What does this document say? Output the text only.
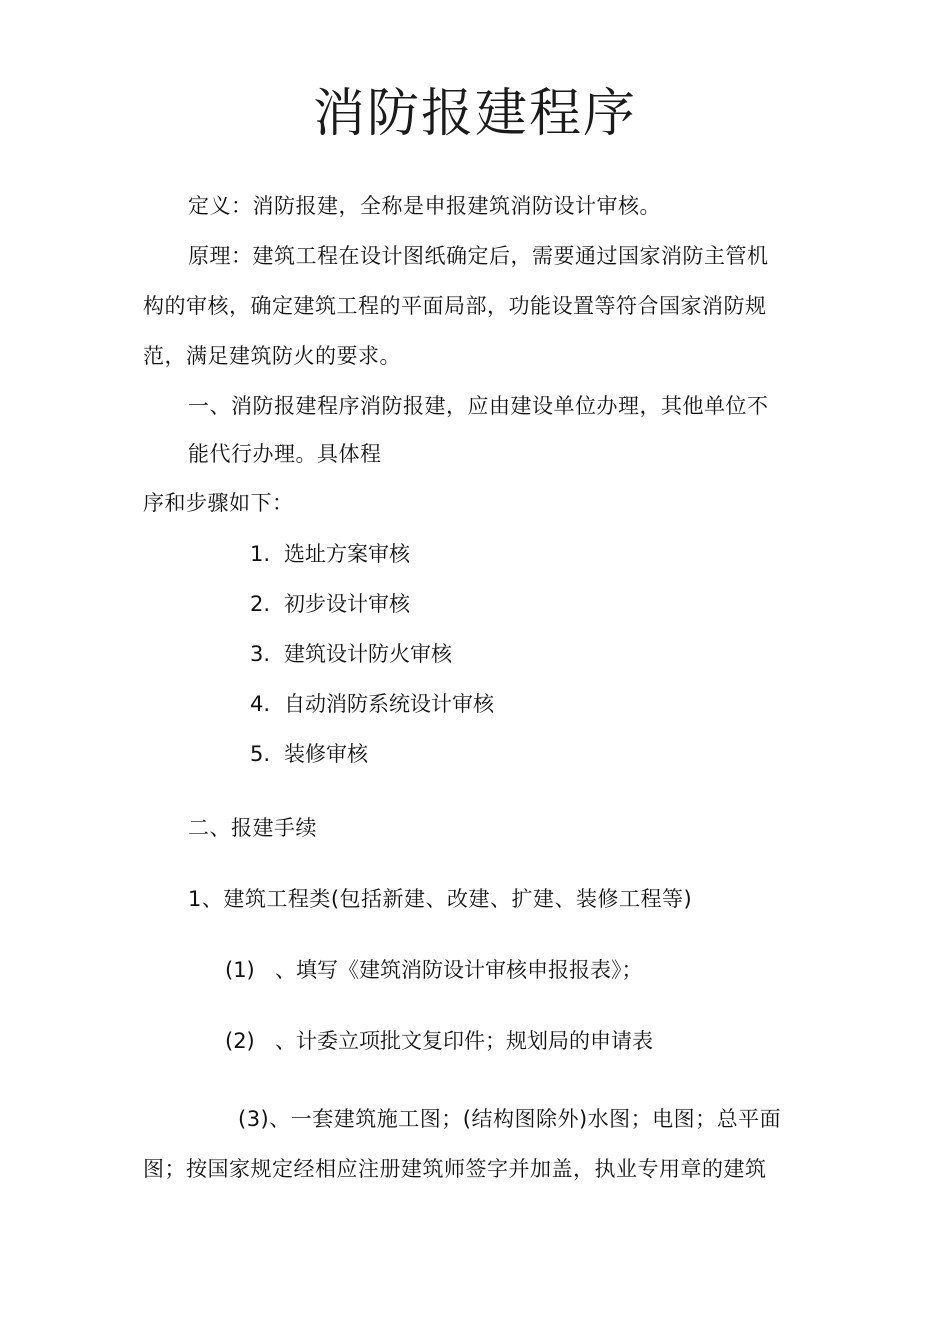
消防报建程序
定义：消防报建，全称是申报建筑消防设计审核。
原理：建筑工程在设计图纸确定后，需要通过国家消防主管机
构的审核，确定建筑工程的平面局部，功能设置等符合国家消防规
范，满足建筑防火的要求。
一、消防报建程序消防报建，应由建设单位办理，其他单位不
能代行办理。具体程
序和步骤如下：
1. 选址方案审核
2. 初步设计审核
3. 建筑设计防火审核
4. 自动消防系统设计审核
5. 装修审核
二、报建手续
1、建筑工程类(包括新建、改建、扩建、装修工程等)
(1) 、填写《建筑消防设计审核申报报表》；
(2) 、计委立项批文复印件；规划局的申请表
(3)、一套建筑施工图；(结构图除外)水图；电图；总平面
图；按国家规定经相应注册建筑师签字并加盖，执业专用章的建筑
